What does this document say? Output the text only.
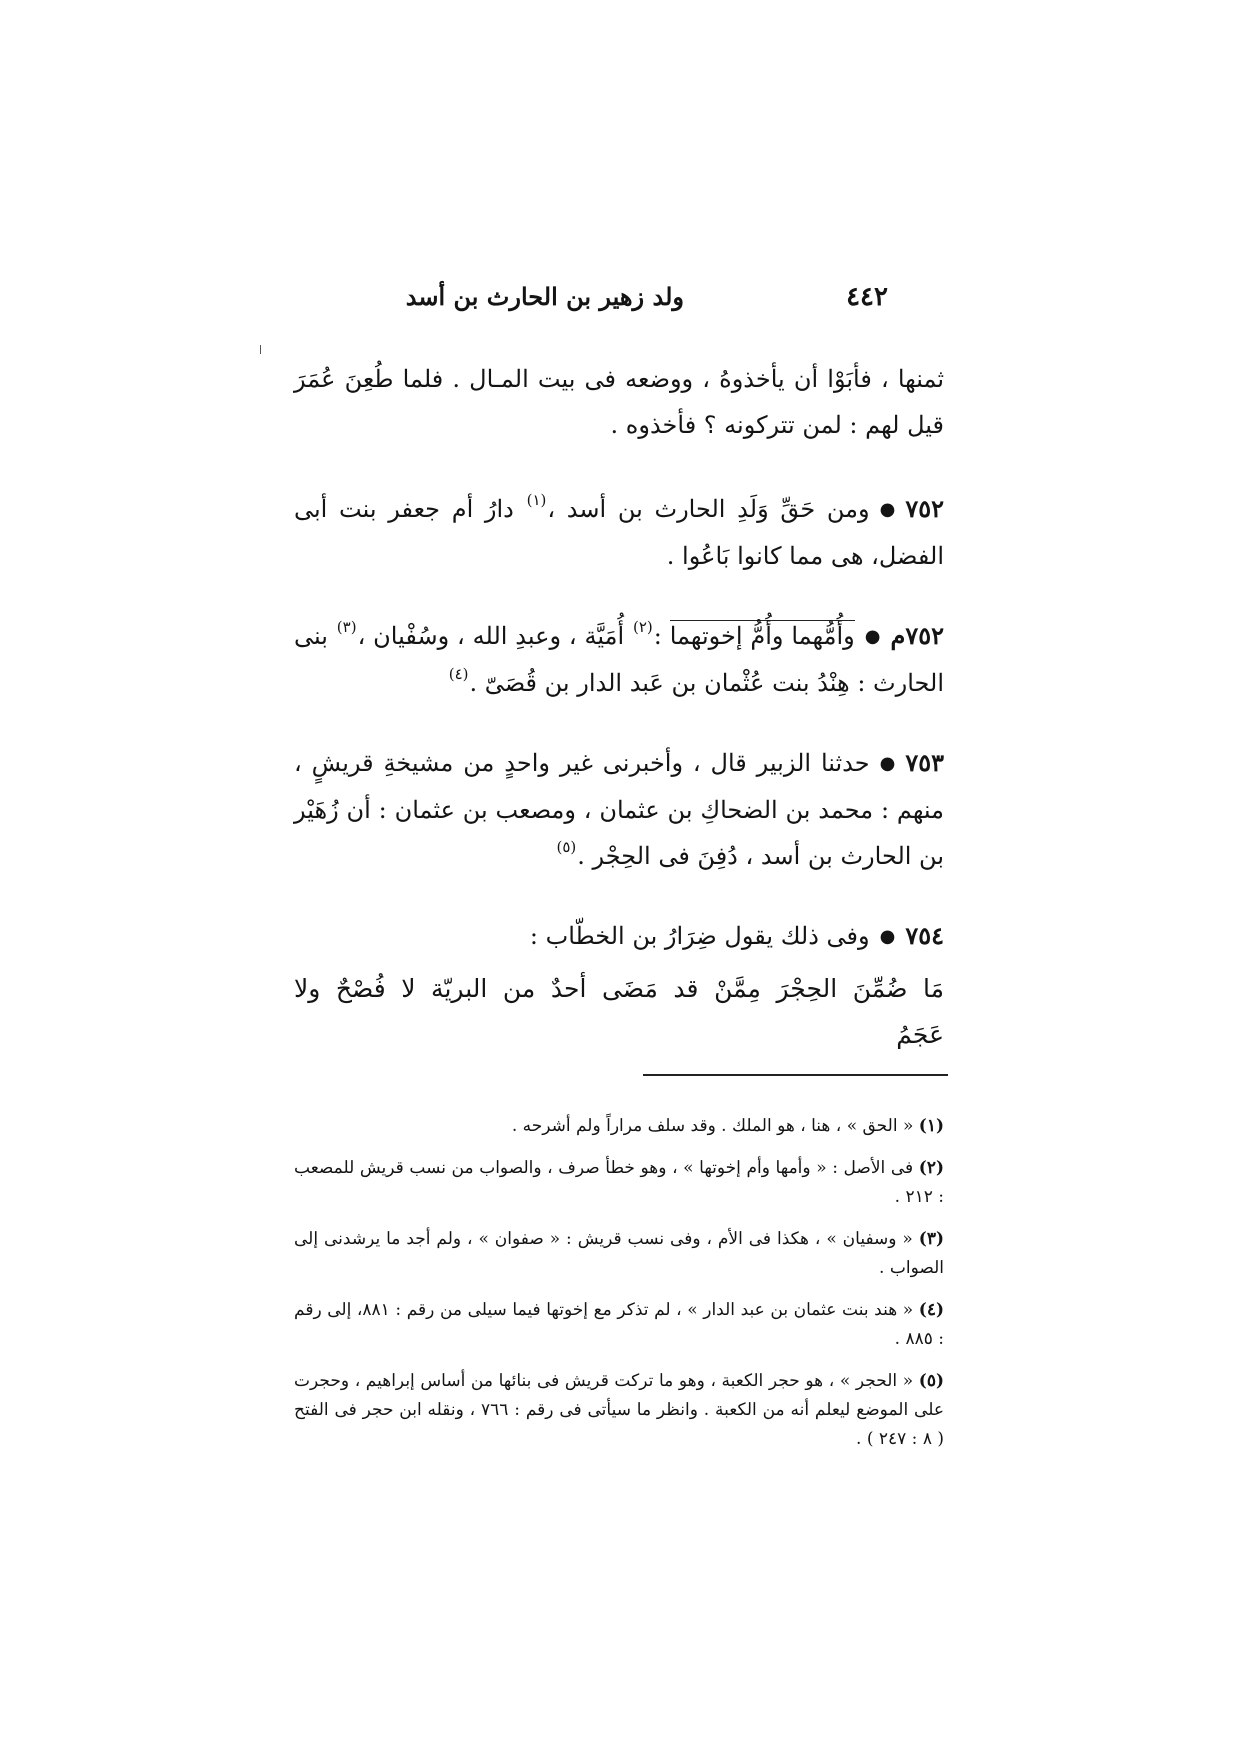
٤٤٢
ولد زهير بن الحارث بن أسد

ثمنها ، فأبَوْا أن يأخذوهُ ، ووضعه فى بيت المـال . فلما طُعِنَ عُمَرَ قيل لهم : لمن تتركونه ؟ فأخذوه .

٧٥٢●ومن حَقِّ وَلَدِ الحارث بن أسد ،$^{(١)}$ دارُ أم جعفر بنت أبى الفضل، هى مما كانوا بَاعُوا .

٧٥٢م●وأُمُّهما وأُمُّ إخوتهما :$^{(٢)}$ أُمَيَّة ، وعبدِ الله ، وسُفْيان ،$^{(٣)}$ بنى الحارث : هِنْدُ بنت عُثْمان بن عَبد الدار بن قُصَىّ .$^{(٤)}$

٧٥٣●حدثنا الزبير قال ، وأخبرنى غير واحدٍ من مشيخةِ قريشٍ ، منهم : محمد بن الضحاكِ بن عثمان ، ومصعب بن عثمان : أن زُهَيْر بن الحارث بن أسد ، دُفِنَ فى الحِجْر .$^{(٥)}$

٧٥٤●وفى ذلك يقول ضِرَارُ بن الخطّاب :

مَا ضُمِّنَ الحِجْرَ مِمَّنْ قد مَضَى أحدٌ من البريّة لا فُصْحٌ ولا عَجَمُ

(١) « الحق » ، هنا ، هو الملك . وقد سلف مراراً ولم أشرحه .

(٢) فى الأصل : « وأمها وأم إخوتها » ، وهو خطأ صرف ، والصواب من نسب قريش للمصعب : ٢١٢ .

(٣) « وسفيان » ، هكذا فى الأم ، وفى نسب قريش : « صفوان » ، ولم أجد ما يرشدنى إلى الصواب .

(٤) « هند بنت عثمان بن عبد الدار » ، لم تذكر مع إخوتها فيما سيلى من رقم : ٨٨١، إلى رقم : ٨٨٥ .

(٥) « الحجر » ، هو حجر الكعبة ، وهو ما تركت قريش فى بنائها من أساس إبراهيم ، وحجرت على الموضع ليعلم أنه من الكعبة . وانظر ما سيأتى فى رقم : ٧٦٦ ، ونقله ابن حجر فى الفتح ( ٨ : ٢٤٧ ) .
